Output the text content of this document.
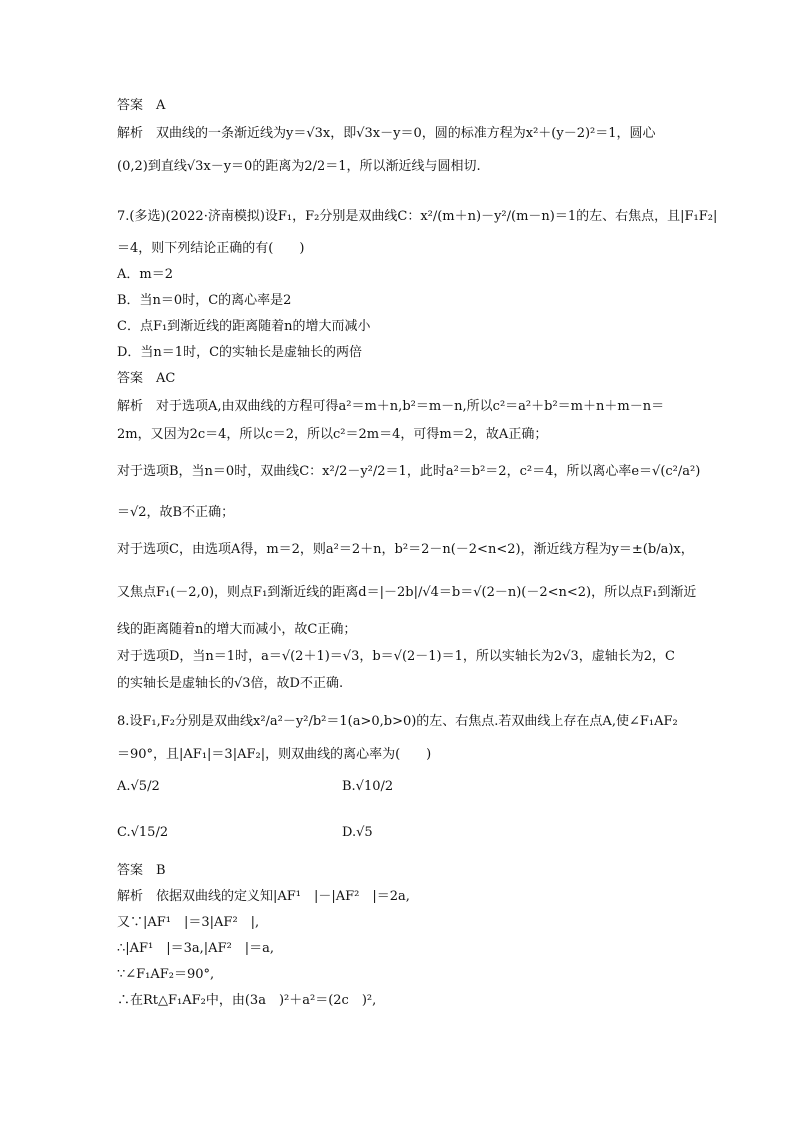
答案　A
解析　双曲线的一条渐近线为y＝√3x，即√3x－y＝0，圆的标准方程为x²＋(y－2)²＝1，圆心
(0,2)到直线√3x－y＝0的距离为2/2＝1，所以渐近线与圆相切.
7.(多选)(2022·济南模拟)设F₁，F₂分别是双曲线C：x²/(m＋n)－y²/(m－n)＝1的左、右焦点，且|F₁F₂|
＝4，则下列结论正确的有(　　)
A．m＝2
B．当n＝0时，C的离心率是2
C．点F₁到渐近线的距离随着n的增大而减小
D．当n＝1时，C的实轴长是虚轴长的两倍
答案　AC
解析　对于选项A,由双曲线的方程可得a²＝m＋n,b²＝m－n,所以c²＝a²＋b²＝m＋n＋m－n＝
2m，又因为2c＝4，所以c＝2，所以c²＝2m＝4，可得m＝2，故A正确；
对于选项B，当n＝0时，双曲线C：x²/2－y²/2＝1，此时a²＝b²＝2，c²＝4，所以离心率e＝√(c²/a²)
＝√2，故B不正确；
对于选项C，由选项A得，m＝2，则a²＝2＋n，b²＝2－n(－2<n<2)，渐近线方程为y＝±(b/a)x，
又焦点F₁(－2,0)，则点F₁到渐近线的距离d＝|－2b|/√4＝b＝√(2－n)(－2<n<2)，所以点F₁到渐近
线的距离随着n的增大而减小，故C正确；
对于选项D，当n＝1时，a＝√(2＋1)＝√3，b＝√(2－1)＝1，所以实轴长为2√3，虚轴长为2，C
的实轴长是虚轴长的√3倍，故D不正确.
8.设F₁,F₂分别是双曲线x²/a²－y²/b²＝1(a>0,b>0)的左、右焦点.若双曲线上存在点A,使∠F₁AF₂
＝90°，且|AF₁|＝3|AF₂|，则双曲线的离心率为(　　)
A.√5/2	B.√10/2
C.√15/2	D.√5
答案　B
解析　依据双曲线的定义知|AF¹　|－|AF²　|＝2a,
又∵|AF¹　|＝3|AF²　|,
∴|AF¹　|＝3a,|AF²　|＝a,
∵∠F₁AF₂＝90°,
∴在Rt△F₁AF₂中，由(3a　)²＋a²＝(2c　)²,
